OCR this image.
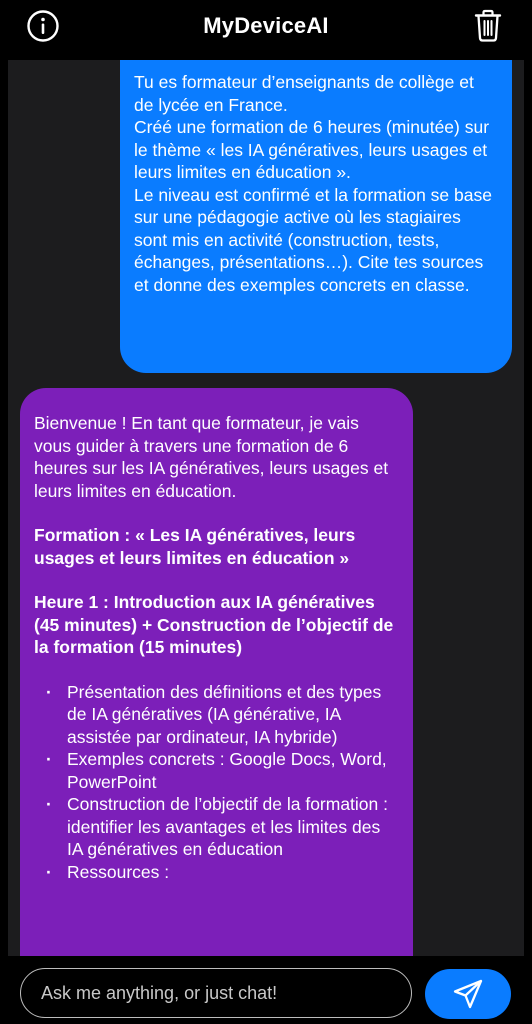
MyDeviceAI

Tu es formateur d’enseignants de collège et de lycée en France.

Créé une formation de 6 heures (minutée) sur le thème « les IA génératives, leurs usages et leurs limites en éducation ».

Le niveau est confirmé et la formation se base sur une pédagogie active où les stagiaires sont mis en activité (construction, tests, échanges, présentations…). Cite tes sources et donne des exemples concrets en classe.

Bienvenue ! En tant que formateur, je vais vous guider à travers une formation de 6 heures sur les IA génératives, leurs usages et leurs limites en éducation.

Formation : « Les IA génératives, leurs usages et leurs limites en éducation »

Heure 1 : Introduction aux IA génératives (45 minutes) + Construction de l’objectif de la formation (15 minutes)

· Présentation des définitions et des types de IA génératives (IA générative, IA assistée par ordinateur, IA hybride)
· Exemples concrets : Google Docs, Word, PowerPoint
· Construction de l’objectif de la formation : identifier les avantages et les limites des IA génératives en éducation
· Ressources :
Ask me anything, or just chat!
